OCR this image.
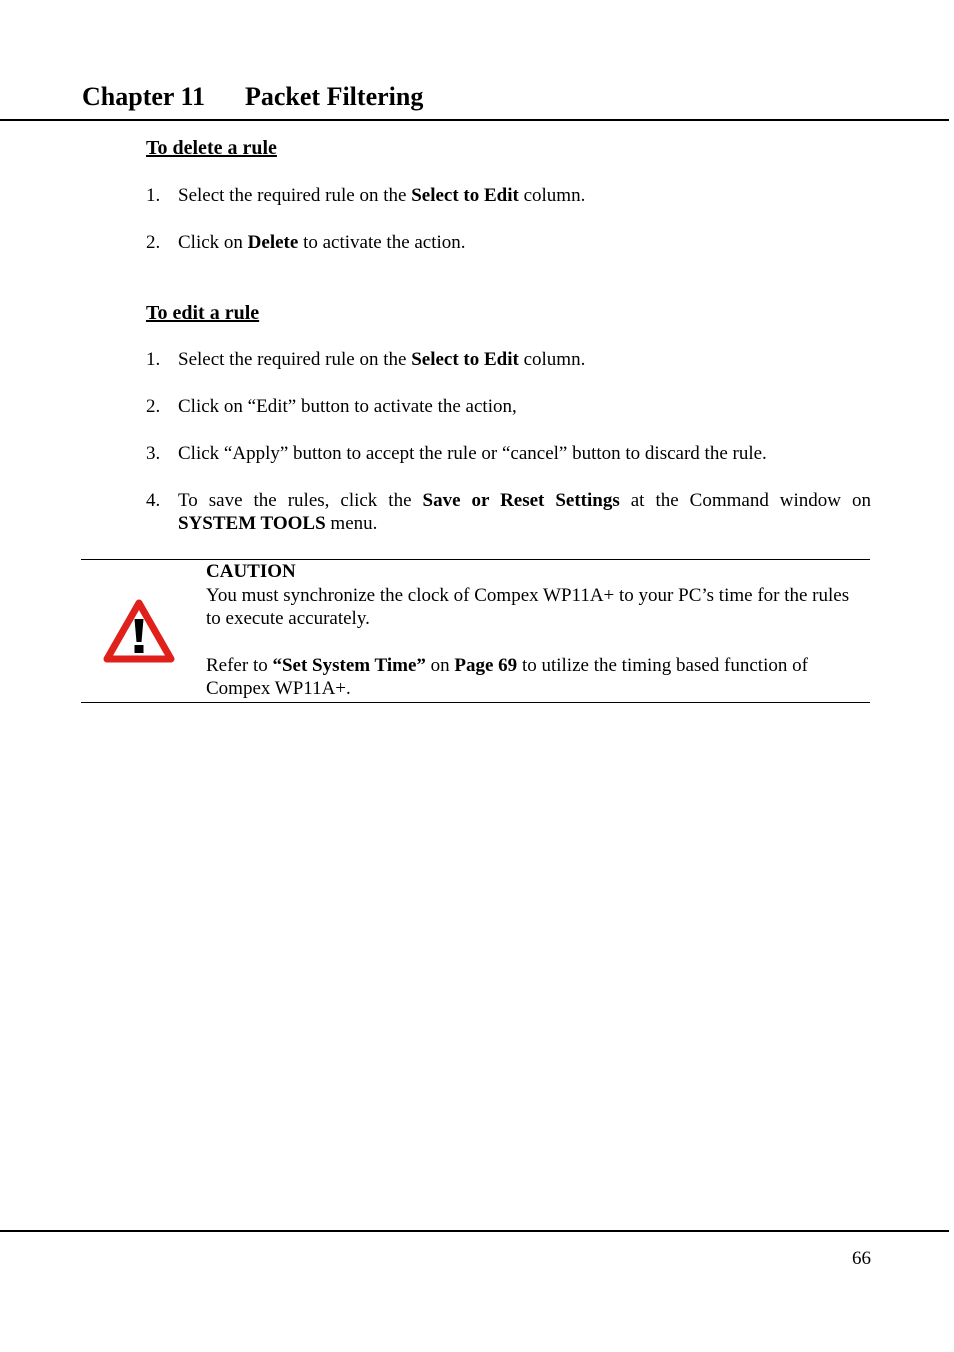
Chapter 11 Packet Filtering
To delete a rule

1. Select the required rule on the Select to Edit column.

2. Click on Delete to activate the action.

To edit a rule

1. Select the required rule on the Select to Edit column.

2. Click on “Edit” button to activate the action,

3. Click “Apply” button to accept the rule or “cancel” button to discard the rule.

4. To save the rules, click the Save or Reset Settings at the Command window on
SYSTEM TOOLS menu.

CAUTION

You must synchronize the clock of Compex WP11A+ to your PC’s time for the rules to execute accurately.

Refer to “Set System Time” on Page 69 to utilize the timing based function of Compex WP11A+.

66
